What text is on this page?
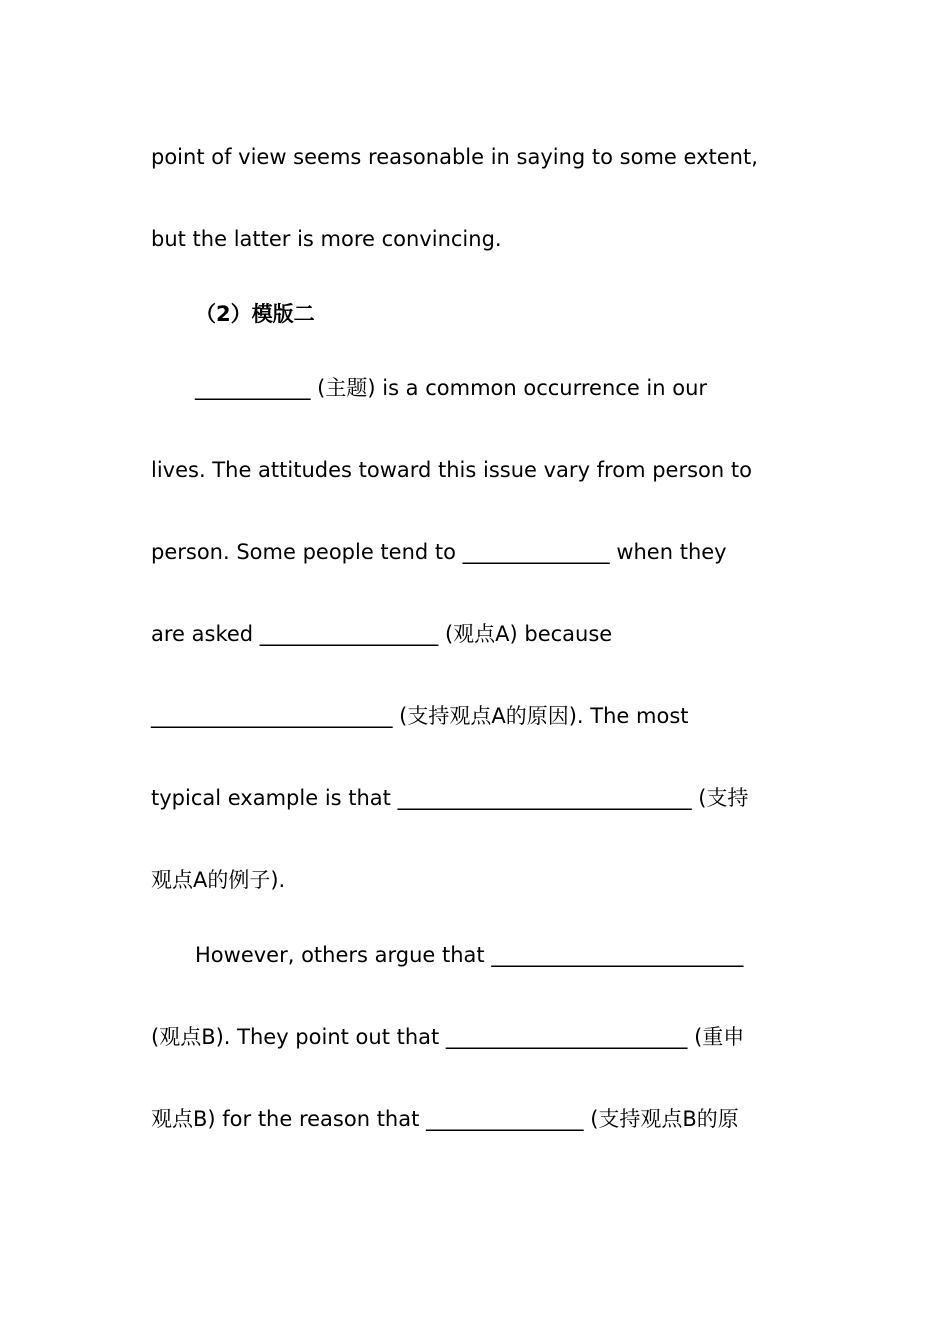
point of view seems reasonable in saying to some extent,
but the latter is more convincing.
（2）模版二
___________ (主题) is a common occurrence in our
lives. The attitudes toward this issue vary from person to
person. Some people tend to ______________ when they
are asked _________________ (观点A) because
_______________________ (支持观点A的原因). The most
typical example is that ____________________________ (支持
观点A的例子).
However, others argue that ________________________
(观点B). They point out that _______________________ (重申
观点B) for the reason that _______________ (支持观点B的原
